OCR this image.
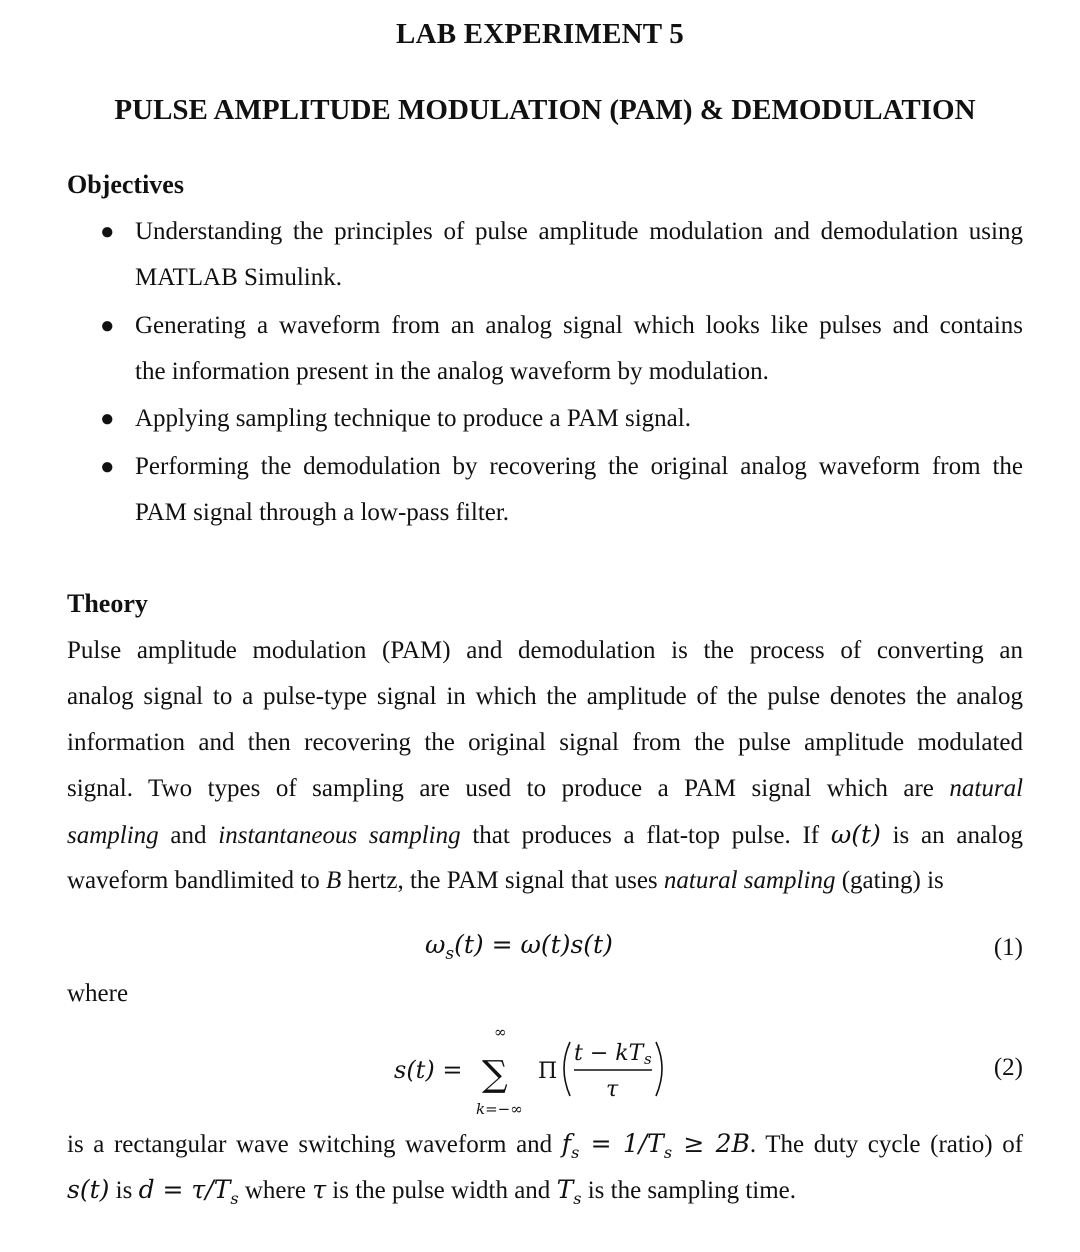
LAB EXPERIMENT 5
PULSE AMPLITUDE MODULATION (PAM) & DEMODULATION
Objectives
● Understanding the principles of pulse amplitude modulation and demodulation using
MATLAB Simulink.
● Generating a waveform from an analog signal which looks like pulses and contains
the information present in the analog waveform by modulation.
● Applying sampling technique to produce a PAM signal.
● Performing the demodulation by recovering the original analog waveform from the
PAM signal through a low-pass filter.
Theory
Pulse amplitude modulation (PAM) and demodulation is the process of converting an
analog signal to a pulse-type signal in which the amplitude of the pulse denotes the analog
information and then recovering the original signal from the pulse amplitude modulated
signal. Two types of sampling are used to produce a PAM signal which are natural
sampling and instantaneous sampling that produces a flat-top pulse. If ω(t) is an analog
waveform bandlimited to B hertz, the PAM signal that uses natural sampling (gating) is
$\omega_s(t) = \omega(t)s(t)$	(1)
where
s(t) =
∞
∑
k=−∞
Π
t − kT s
τ
(2)
is a rectangular wave switching waveform and $f_s = 1/T_s \ge 2B$. The duty cycle (ratio) of
s(t) is $d = \tau/T_s$ where τ is the pulse width and $T_s$ is the sampling time.
